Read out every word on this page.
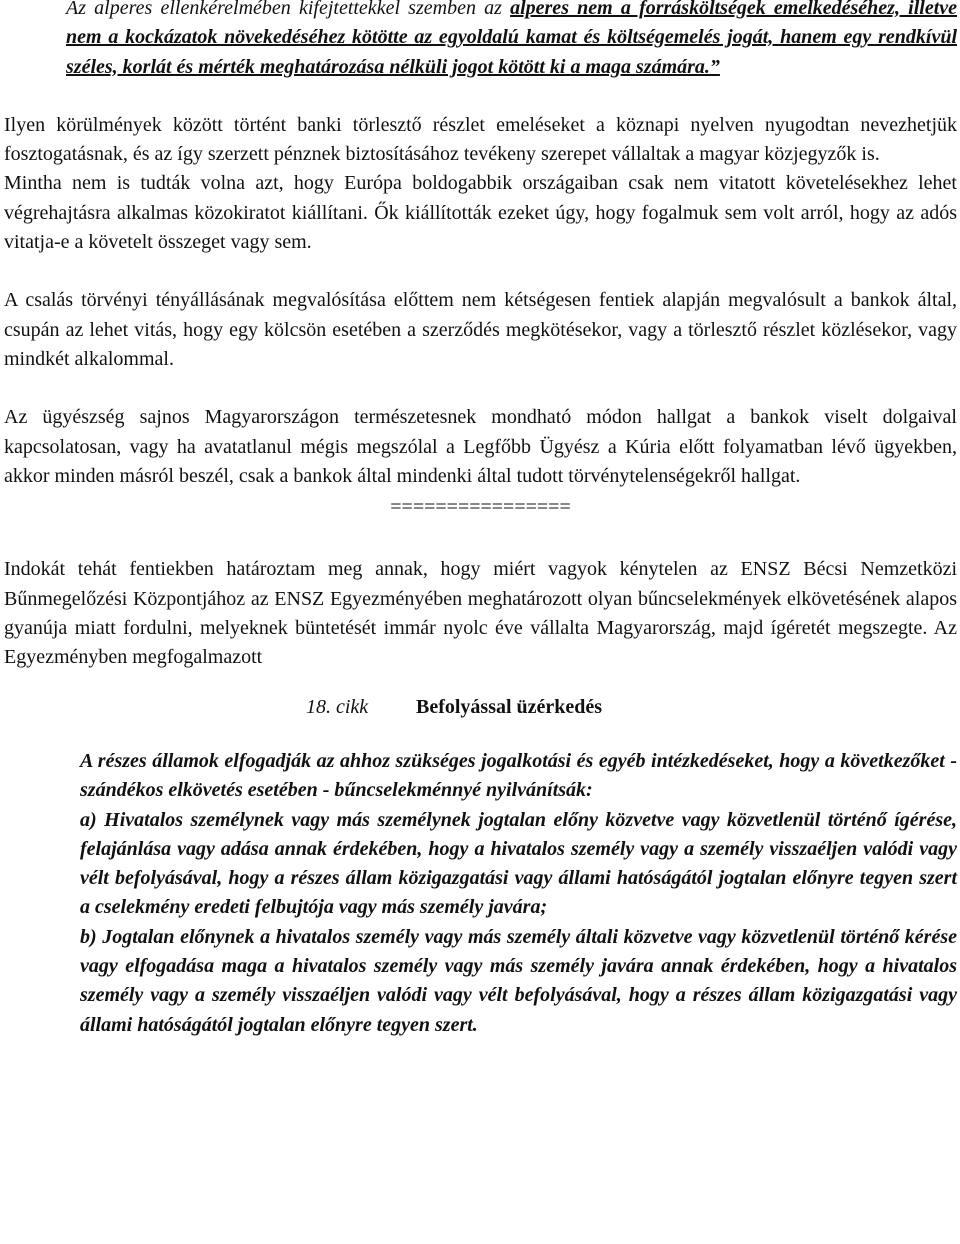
Az alperes ellenkérelmében kifejtettekkel szemben az alperes nem a forrásköltségek emelkedéséhez, illetve nem a kockázatok növekedéséhez kötötte az egyoldalú kamat és költségemelés jogát, hanem egy rendkívül széles, korlát és mérték meghatározása nélküli jogot kötött ki a maga számára.”

Ilyen körülmények között történt banki törlesztő részlet emeléseket a köznapi nyelven nyugodtan nevezhetjük fosztogatásnak, és az így szerzett pénznek biztosításához tevékeny szerepet vállaltak a magyar közjegyzők is.

Mintha nem is tudták volna azt, hogy Európa boldogabbik országaiban csak nem vitatott követelésekhez lehet végrehajtásra alkalmas közokiratot kiállítani. Ők kiállították ezeket úgy, hogy fogalmuk sem volt arról, hogy az adós vitatja-e a követelt összeget vagy sem.

A csalás törvényi tényállásának megvalósítása előttem nem kétségesen fentiek alapján megvalósult a bankok által, csupán az lehet vitás, hogy egy kölcsön esetében a szerződés megkötésekor, vagy a törlesztő részlet közlésekor, vagy mindkét alkalommal.

Az ügyészség sajnos Magyarországon természetesnek mondható módon hallgat a bankok viselt dolgaival kapcsolatosan, vagy ha avatatlanul mégis megszólal a Legfőbb Ügyész a Kúria előtt folyamatban lévő ügyekben, akkor minden másról beszél, csak a bankok által mindenki által tudott törvénytelenségekről hallgat.

================

Indokát tehát fentiekben határoztam meg annak, hogy miért vagyok kénytelen az ENSZ Bécsi Nemzetközi Bűnmegelőzési Központjához az ENSZ Egyezményében meghatározott olyan bűncselekmények elkövetésének alapos gyanúja miatt fordulni, melyeknek büntetését immár nyolc éve vállalta Magyarország, majd ígéretét megszegte. Az Egyezményben megfogalmazott

18. cikk Befolyással üzérkedés

A részes államok elfogadják az ahhoz szükséges jogalkotási és egyéb intézkedéseket, hogy a következőket - szándékos elkövetés esetében - bűncselekménnyé nyilvánítsák:

a) Hivatalos személynek vagy más személynek jogtalan előny közvetve vagy közvetlenül történő ígérése, felajánlása vagy adása annak érdekében, hogy a hivatalos személy vagy a személy visszaéljen valódi vagy vélt befolyásával, hogy a részes állam közigazgatási vagy állami hatóságától jogtalan előnyre tegyen szert a cselekmény eredeti felbujtója vagy más személy javára;

b) Jogtalan előnynek a hivatalos személy vagy más személy általi közvetve vagy közvetlenül történő kérése vagy elfogadása maga a hivatalos személy vagy más személy javára annak érdekében, hogy a hivatalos személy vagy a személy visszaéljen valódi vagy vélt befolyásával, hogy a részes állam közigazgatási vagy állami hatóságától jogtalan előnyre tegyen szert.
